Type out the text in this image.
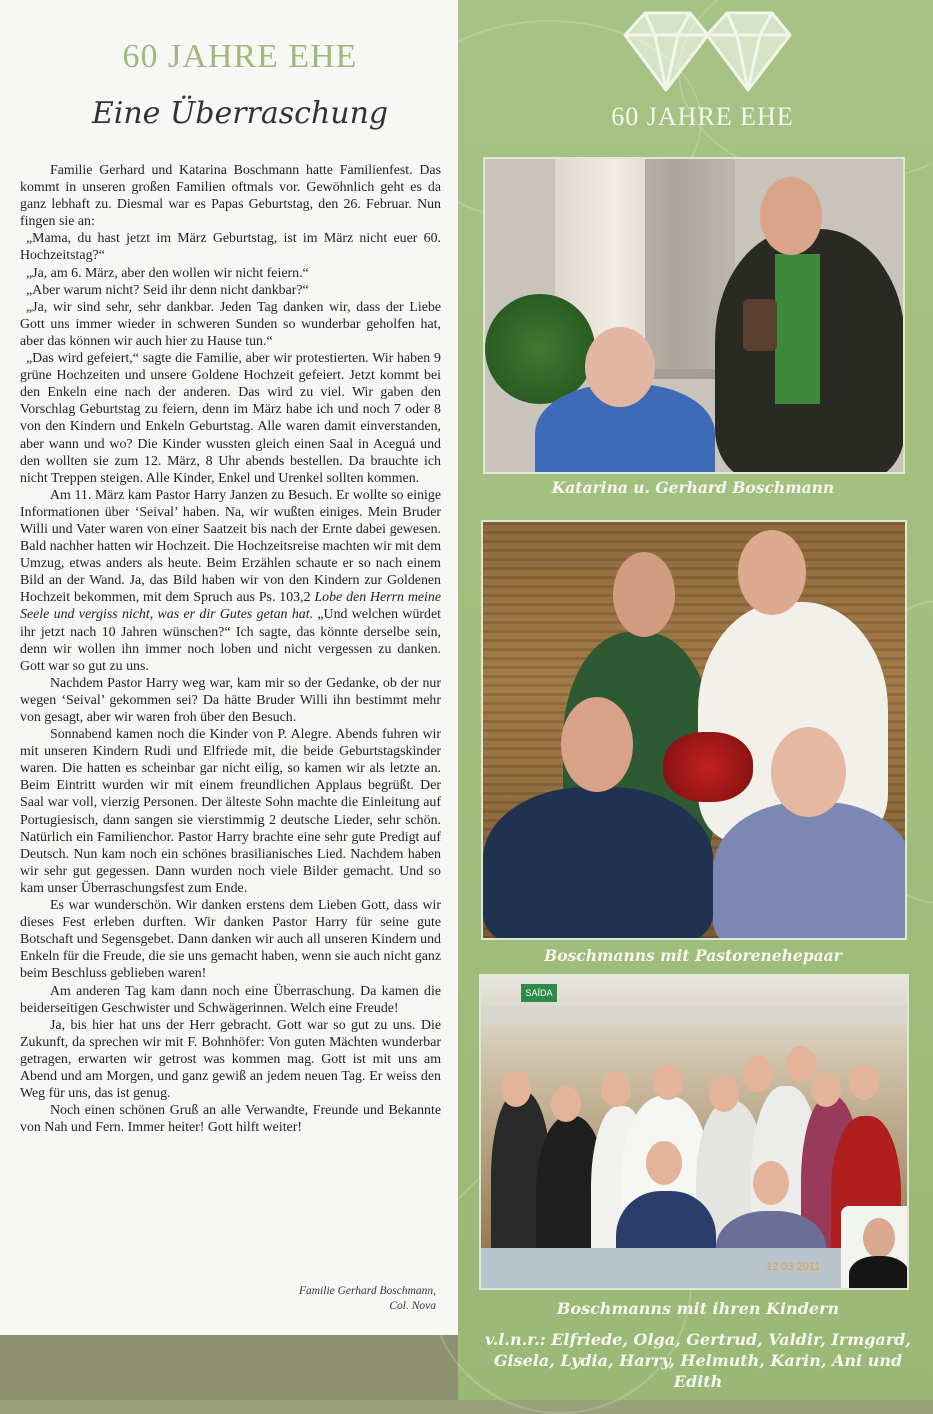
60 JAHRE EHE
Eine Überraschung

Familie Gerhard und Katarina Boschmann hatte Familienfest. Das kommt in unseren großen Familien oftmals vor. Gewöhnlich geht es da ganz lebhaft zu. Diesmal war es Papas Geburtstag, den 26. Februar. Nun fingen sie an:

„Mama, du hast jetzt im März Geburtstag, ist im März nicht euer 60. Hochzeitstag?“

„Ja, am 6. März, aber den wollen wir nicht feiern.“

„Aber warum nicht? Seid ihr denn nicht dankbar?“

„Ja, wir sind sehr, sehr dankbar. Jeden Tag danken wir, dass der Liebe Gott uns immer wieder in schweren Sunden so wunderbar geholfen hat, aber das können wir auch hier zu Hause tun.“

„Das wird gefeiert,“ sagte die Familie, aber wir protestierten. Wir haben 9 grüne Hochzeiten und unsere Goldene Hochzeit gefeiert. Jetzt kommt bei den Enkeln eine nach der anderen. Das wird zu viel. Wir gaben den Vorschlag Geburtstag zu feiern, denn im März habe ich und noch 7 oder 8 von den Kindern und Enkeln Geburtstag. Alle waren damit einverstanden, aber wann und wo? Die Kinder wussten gleich einen Saal in Aceguá und den wollten sie zum 12. März, 8 Uhr abends bestellen. Da brauchte ich nicht Treppen steigen. Alle Kinder, Enkel und Urenkel sollten kommen.

Am 11. März kam Pastor Harry Janzen zu Besuch. Er wollte so einige Informationen über ‘Seival’ haben. Na, wir wußten einiges. Mein Bruder Willi und Vater waren von einer Saatzeit bis nach der Ernte dabei gewesen. Bald nachher hatten wir Hochzeit. Die Hochzeitsreise machten wir mit dem Umzug, etwas anders als heute. Beim Erzählen schaute er so nach einem Bild an der Wand. Ja, das Bild haben wir von den Kindern zur Goldenen Hochzeit bekommen, mit dem Spruch aus Ps. 103,2 Lobe den Herrn meine Seele und vergiss nicht, was er dir Gutes getan hat. „Und welchen würdet ihr jetzt nach 10 Jahren wünschen?“ Ich sagte, das könnte derselbe sein, denn wir wollen ihn immer noch loben und nicht vergessen zu danken. Gott war so gut zu uns.

Nachdem Pastor Harry weg war, kam mir so der Gedanke, ob der nur wegen ‘Seival’ gekommen sei? Da hätte Bruder Willi ihn bestimmt mehr von gesagt, aber wir waren froh über den Besuch.

Sonnabend kamen noch die Kinder von P. Alegre. Abends fuhren wir mit unseren Kindern Rudi und Elfriede mit, die beide Geburtstagskinder waren. Die hatten es scheinbar gar nicht eilig, so kamen wir als letzte an. Beim Eintritt wurden wir mit einem freundlichen Applaus begrüßt. Der Saal war voll, vierzig Personen. Der älteste Sohn machte die Einleitung auf Portugiesisch, dann sangen sie vierstimmig 2 deutsche Lieder, sehr schön. Natürlich ein Familienchor. Pastor Harry brachte eine sehr gute Predigt auf Deutsch. Nun kam noch ein schönes brasilianisches Lied. Nachdem haben wir sehr gut gegessen. Dann wurden noch viele Bilder gemacht. Und so kam unser Überraschungsfest zum Ende.

Es war wunderschön. Wir danken erstens dem Lieben Gott, dass wir dieses Fest erleben durften. Wir danken Pastor Harry für seine gute Botschaft und Segensgebet. Dann danken wir auch all unseren Kindern und Enkeln für die Freude, die sie uns gemacht haben, wenn sie auch nicht ganz beim Beschluss geblieben waren!

Am anderen Tag kam dann noch eine Überraschung. Da kamen die beiderseitigen Geschwister und Schwägerinnen. Welch eine Freude!

Ja, bis hier hat uns der Herr gebracht. Gott war so gut zu uns. Die Zukunft, da sprechen wir mit F. Bohnhöfer: Von guten Mächten wunderbar getragen, erwarten wir getrost was kommen mag. Gott ist mit uns am Abend und am Morgen, und ganz gewiß an jedem neuen Tag. Er weiss den Weg für uns, das ist genug.

Noch einen schönen Gruß an alle Verwandte, Freunde und Bekannte von Nah und Fern. Immer heiter! Gott hilft weiter!

Familie Gerhard Boschmann,
Col. Nova
60 JAHRE EHE
Katarina u. Gerhard Boschmann
Boschmanns mit Pastorenehepaar
SAÍDA
12 03 2011
Boschmanns mit ihren Kindern
v.l.n.r.: Elfriede, Olga, Gertrud, Valdir, Irmgard,
Gisela, Lydia, Harry, Helmuth, Karin, Ani und Edith
